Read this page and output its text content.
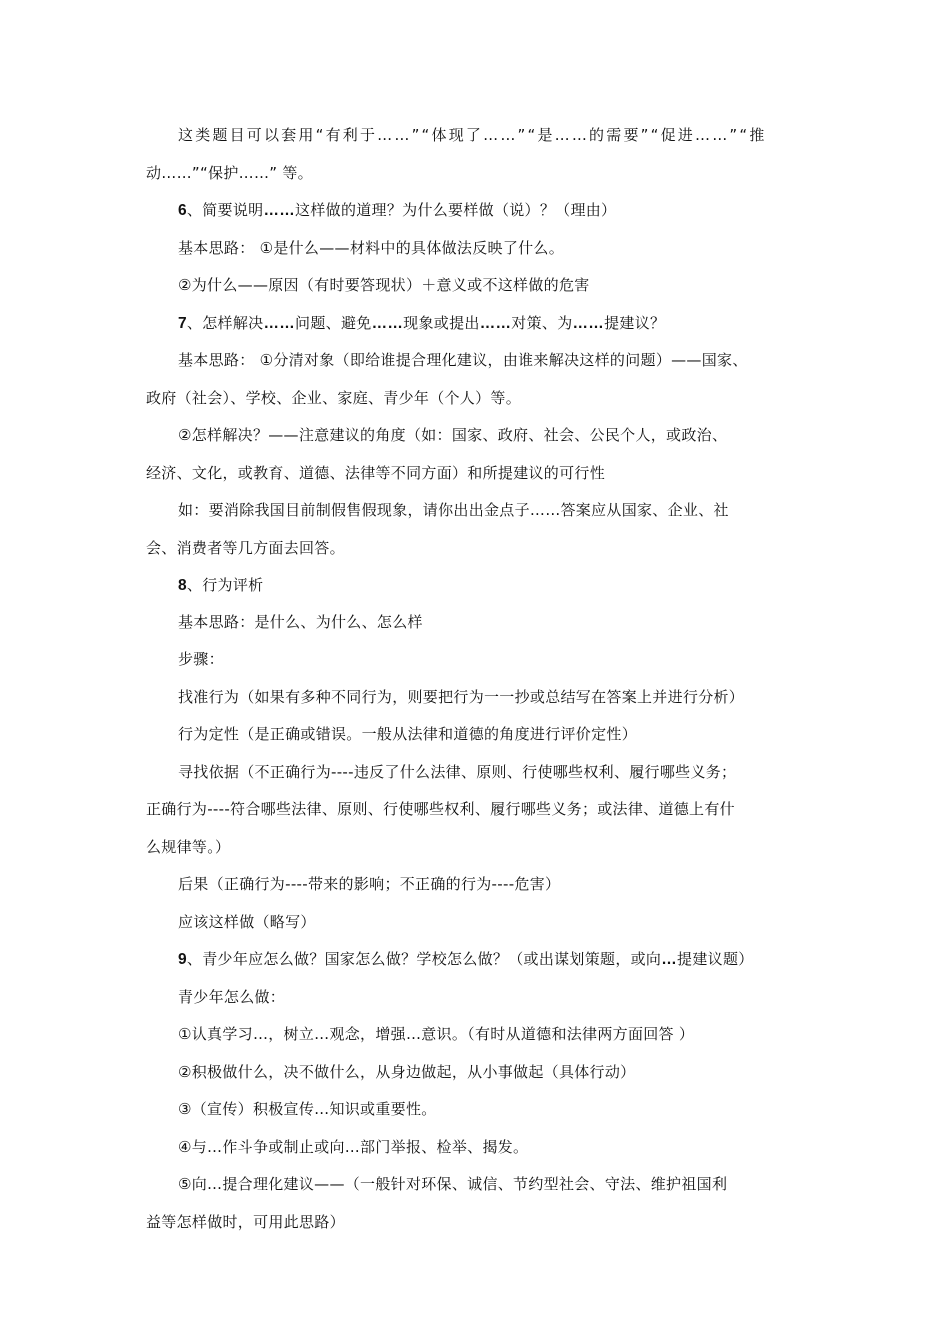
这类题目可以套用“有利于……”“体现了……”“是……的需要”“促进……”“推
动……”“保护……” 等。
6、简要说明……这样做的道理？为什么要样做（说）？（理由）
基本思路： ①是什么——材料中的具体做法反映了什么。
②为什么——原因（有时要答现状）＋意义或不这样做的危害
7、怎样解决……问题、避免……现象或提出……对策、为……提建议？
基本思路： ①分清对象（即给谁提合理化建议，由谁来解决这样的问题）——国家、
政府（社会）、学校、企业、家庭、青少年（个人）等。
②怎样解决？——注意建议的角度（如：国家、政府、社会、公民个人，或政治、
经济、文化，或教育、道德、法律等不同方面）和所提建议的可行性
如：要消除我国目前制假售假现象，请你出出金点子……答案应从国家、企业、社
会、消费者等几方面去回答。
8、行为评析
基本思路：是什么、为什么、怎么样
步骤：
找准行为（如果有多种不同行为，则要把行为一一抄或总结写在答案上并进行分析）
行为定性（是正确或错误。一般从法律和道德的角度进行评价定性）
寻找依据（不正确行为----违反了什么法律、原则、行使哪些权利、履行哪些义务；
正确行为----符合哪些法律、原则、行使哪些权利、履行哪些义务；或法律、道德上有什
么规律等。）
后果（正确行为----带来的影响；不正确的行为----危害）
应该这样做（略写）
9、青少年应怎么做？国家怎么做？学校怎么做？（或出谋划策题，或向…提建议题）
青少年怎么做：
①认真学习…，树立…观念，增强…意识。（有时从道德和法律两方面回答 ）
②积极做什么，决不做什么，从身边做起，从小事做起（具体行动）
③（宣传）积极宣传…知识或重要性。
④与…作斗争或制止或向…部门举报、检举、揭发。
⑤向…提合理化建议——（一般针对环保、诚信、节约型社会、守法、维护祖国利
益等怎样做时，可用此思路）
